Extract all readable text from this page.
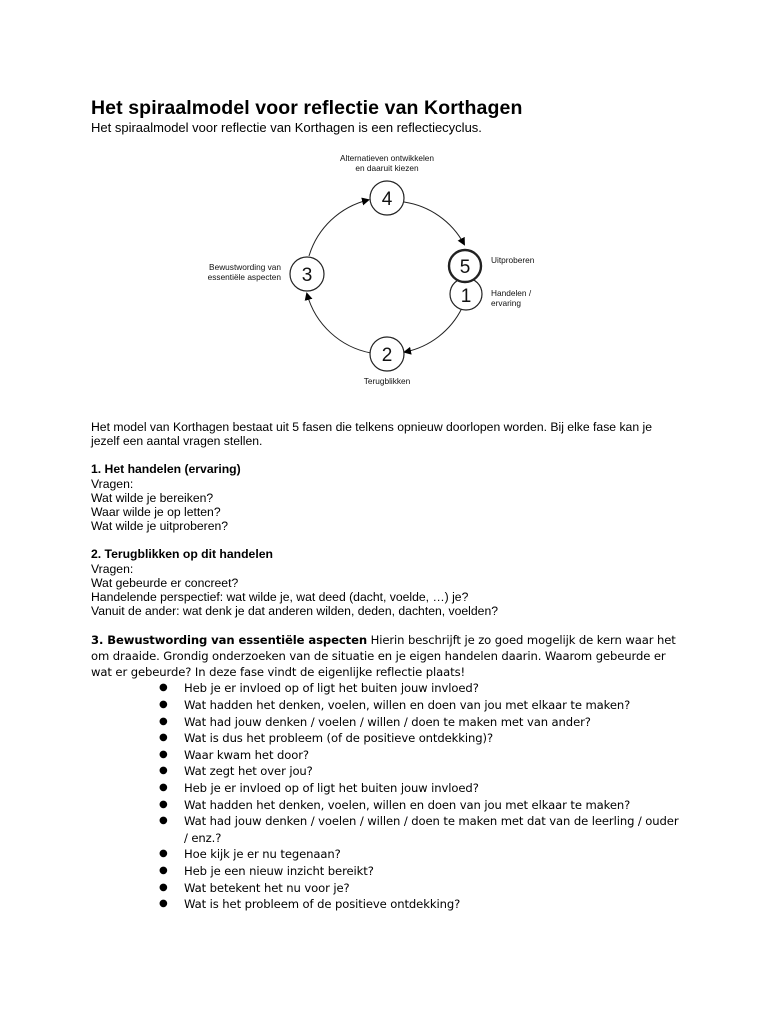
Het spiraalmodel voor reflectie van Korthagen

Het spiraalmodel voor reflectie van Korthagen is een reflectiecyclus.

4
5
1
2
3
Alternatieven ontwikkelen
en daaruit kiezen
Uitproberen
Handelen /
ervaring
Terugblikken
Bewustwording van
essentiële aspecten

Het model van Korthagen bestaat uit 5 fasen die telkens opnieuw doorlopen worden. Bij elke fase kan je jezelf een aantal vragen stellen.

1. Het handelen (ervaring)

Vragen:

Wat wilde je bereiken?

Waar wilde je op letten?

Wat wilde je uitproberen?

2. Terugblikken op dit handelen

Vragen:

Wat gebeurde er concreet?

Handelende perspectief: wat wilde je, wat deed (dacht, voelde, …) je?

Vanuit de ander: wat denk je dat anderen wilden, deden, dachten, voelden?

3. Bewustwording van essentiële aspecten Hierin beschrijft je zo goed mogelijk de kern waar het om draaide. Grondig onderzoeken van de situatie en je eigen handelen daarin. Waarom gebeurde er wat er gebeurde? In deze fase vindt de eigenlijke reflectie plaats!

● Heb je er invloed op of ligt het buiten jouw invloed?
● Wat hadden het denken, voelen, willen en doen van jou met elkaar te maken?
● Wat had jouw denken / voelen / willen / doen te maken met van ander?
● Wat is dus het probleem (of de positieve ontdekking)?
● Waar kwam het door?
● Wat zegt het over jou?
● Heb je er invloed op of ligt het buiten jouw invloed?
● Wat hadden het denken, voelen, willen en doen van jou met elkaar te maken?
● Wat had jouw denken / voelen / willen / doen te maken met dat van de leerling / ouder / enz.?
● Hoe kijk je er nu tegenaan?
● Heb je een nieuw inzicht bereikt?
● Wat betekent het nu voor je?
● Wat is het probleem of de positieve ontdekking?
